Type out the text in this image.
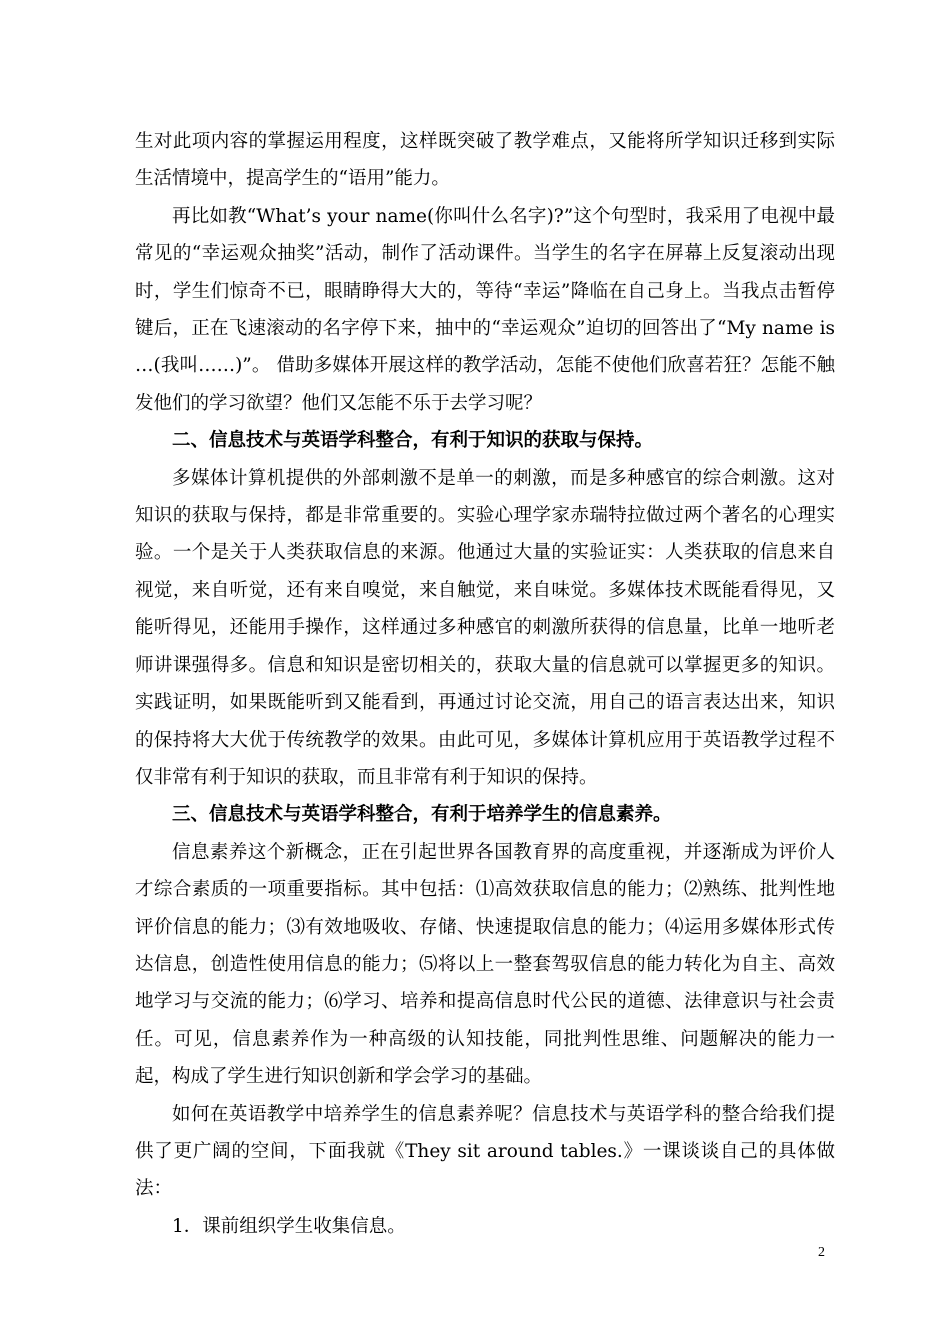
生对此项内容的掌握运用程度，这样既突破了教学难点，又能将所学知识迁移到实际生活情境中，提高学生的“语用”能力。

再比如教“What’s your name(你叫什么名字)?”这个句型时，我采用了电视中最常见的“幸运观众抽奖”活动，制作了活动课件。当学生的名字在屏幕上反复滚动出现时，学生们惊奇不已，眼睛睁得大大的，等待“幸运”降临在自己身上。当我点击暂停键后，正在飞速滚动的名字停下来，抽中的“幸运观众”迫切的回答出了“My name is …(我叫……)”。 借助多媒体开展这样的教学活动，怎能不使他们欣喜若狂？怎能不触发他们的学习欲望？他们又怎能不乐于去学习呢？

二、信息技术与英语学科整合，有利于知识的获取与保持。

多媒体计算机提供的外部刺激不是单一的刺激，而是多种感官的综合刺激。这对知识的获取与保持，都是非常重要的。实验心理学家赤瑞特拉做过两个著名的心理实验。一个是关于人类获取信息的来源。他通过大量的实验证实：人类获取的信息来自视觉，来自听觉，还有来自嗅觉，来自触觉，来自味觉。多媒体技术既能看得见，又能听得见，还能用手操作，这样通过多种感官的刺激所获得的信息量，比单一地听老师讲课强得多。信息和知识是密切相关的，获取大量的信息就可以掌握更多的知识。实践证明，如果既能听到又能看到，再通过讨论交流，用自己的语言表达出来，知识的保持将大大优于传统教学的效果。由此可见，多媒体计算机应用于英语教学过程不仅非常有利于知识的获取，而且非常有利于知识的保持。

三、信息技术与英语学科整合，有利于培养学生的信息素养。

信息素养这个新概念，正在引起世界各国教育界的高度重视，并逐渐成为评价人才综合素质的一项重要指标。其中包括：⑴高效获取信息的能力；⑵熟练、批判性地评价信息的能力；⑶有效地吸收、存储、快速提取信息的能力；⑷运用多媒体形式传达信息，创造性使用信息的能力；⑸将以上一整套驾驭信息的能力转化为自主、高效地学习与交流的能力；⑹学习、培养和提高信息时代公民的道德、法律意识与社会责任。可见，信息素养作为一种高级的认知技能，同批判性思维、问题解决的能力一起，构成了学生进行知识创新和学会学习的基础。

如何在英语教学中培养学生的信息素养呢？信息技术与英语学科的整合给我们提供了更广阔的空间，下面我就《They sit around tables.》一课谈谈自己的具体做法：

1．课前组织学生收集信息。

2
